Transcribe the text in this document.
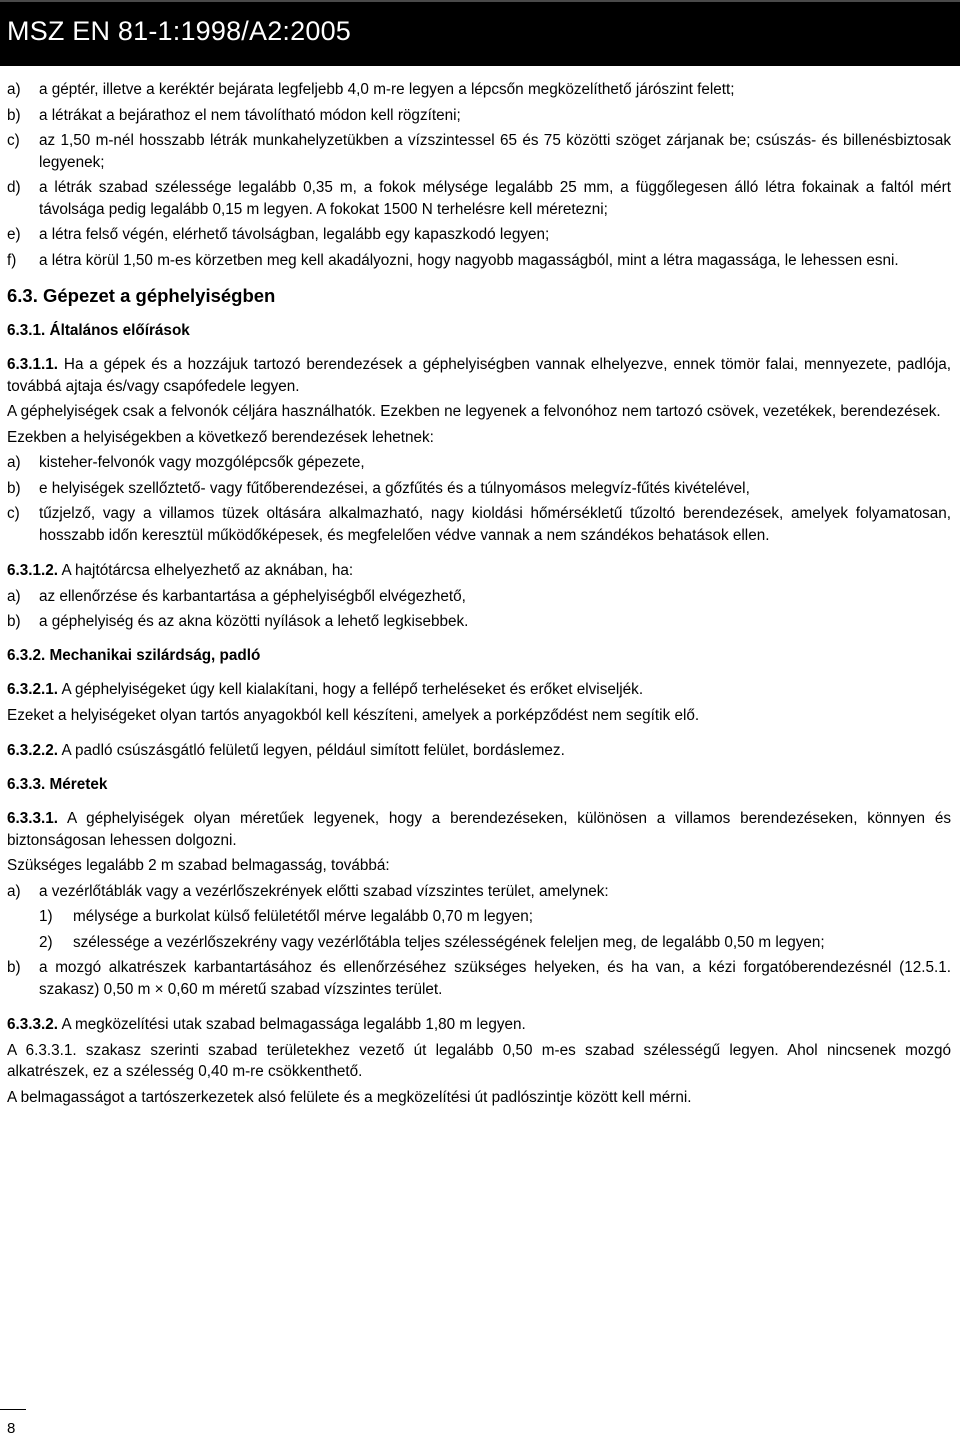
MSZ EN 81-1:1998/A2:2005
a) a géptér, illetve a keréktér bejárata legfeljebb 4,0 m-re legyen a lépcsőn megközelíthető járószint felett;
b) a létrákat a bejárathoz el nem távolítható módon kell rögzíteni;
c) az 1,50 m-nél hosszabb létrák munkahelyzetükben a vízszintessel 65 és 75 közötti szöget zárjanak be; csúszás- és billenésbiztosak legyenek;
d) a létrák szabad szélessége legalább 0,35 m, a fokok mélysége legalább 25 mm, a függőlegesen álló létra fokainak a faltól mért távolsága pedig legalább 0,15 m legyen. A fokokat 1500 N terhelésre kell méretezni;
e) a létra felső végén, elérhető távolságban, legalább egy kapaszkodó legyen;
f) a létra körül 1,50 m-es körzetben meg kell akadályozni, hogy nagyobb magasságból, mint a létra magassága, le lehessen esni.
6.3. Gépezet a géphelyiségben
6.3.1. Általános előírások

6.3.1.1. Ha a gépek és a hozzájuk tartozó berendezések a géphelyiségben vannak elhelyezve, ennek tömör falai, mennyezete, padlója, továbbá ajtaja és/vagy csapófedele legyen.

A géphelyiségek csak a felvonók céljára használhatók. Ezekben ne legyenek a felvonóhoz nem tartozó csövek, vezetékek, berendezések.

Ezekben a helyiségekben a következő berendezések lehetnek:

a) kisteher-felvonók vagy mozgólépcsők gépezete,
b) e helyiségek szellőztető- vagy fűtőberendezései, a gőzfűtés és a túlnyomásos melegvíz-fűtés kivételével,
c) tűzjelző, vagy a villamos tüzek oltására alkalmazható, nagy kioldási hőmérsékletű tűzoltó berendezések, amelyek folyamatosan, hosszabb időn keresztül működőképesek, és megfelelően védve vannak a nem szándékos behatások ellen.

6.3.1.2. A hajtótárcsa elhelyezhető az aknában, ha:

a) az ellenőrzése és karbantartása a géphelyiségből elvégezhető,
b) a géphelyiség és az akna közötti nyílások a lehető legkisebbek.
6.3.2. Mechanikai szilárdság, padló

6.3.2.1. A géphelyiségeket úgy kell kialakítani, hogy a fellépő terheléseket és erőket elviseljék.

Ezeket a helyiségeket olyan tartós anyagokból kell készíteni, amelyek a porképződést nem segítik elő.

6.3.2.2. A padló csúszásgátló felületű legyen, például simított felület, bordáslemez.

6.3.3. Méretek

6.3.3.1. A géphelyiségek olyan méretűek legyenek, hogy a berendezéseken, különösen a villamos berendezéseken, könnyen és biztonságosan lehessen dolgozni.

Szükséges legalább 2 m szabad belmagasság, továbbá:

a) a vezérlőtáblák vagy a vezérlőszekrények előtti szabad vízszintes terület, amelynek:
1) mélysége a burkolat külső felületétől mérve legalább 0,70 m legyen;
2) szélessége a vezérlőszekrény vagy vezérlőtábla teljes szélességének feleljen meg, de legalább 0,50 m legyen;
b) a mozgó alkatrészek karbantartásához és ellenőrzéséhez szükséges helyeken, és ha van, a kézi forgatóberendezésnél (12.5.1. szakasz) 0,50 m × 0,60 m méretű szabad vízszintes terület.

6.3.3.2. A megközelítési utak szabad belmagassága legalább 1,80 m legyen.

A 6.3.3.1. szakasz szerinti szabad területekhez vezető út legalább 0,50 m-es szabad szélességű legyen. Ahol nincsenek mozgó alkatrészek, ez a szélesség 0,40 m-re csökkenthető.

A belmagasságot a tartószerkezetek alsó felülete és a megközelítési út padlószintje között kell mérni.

8
